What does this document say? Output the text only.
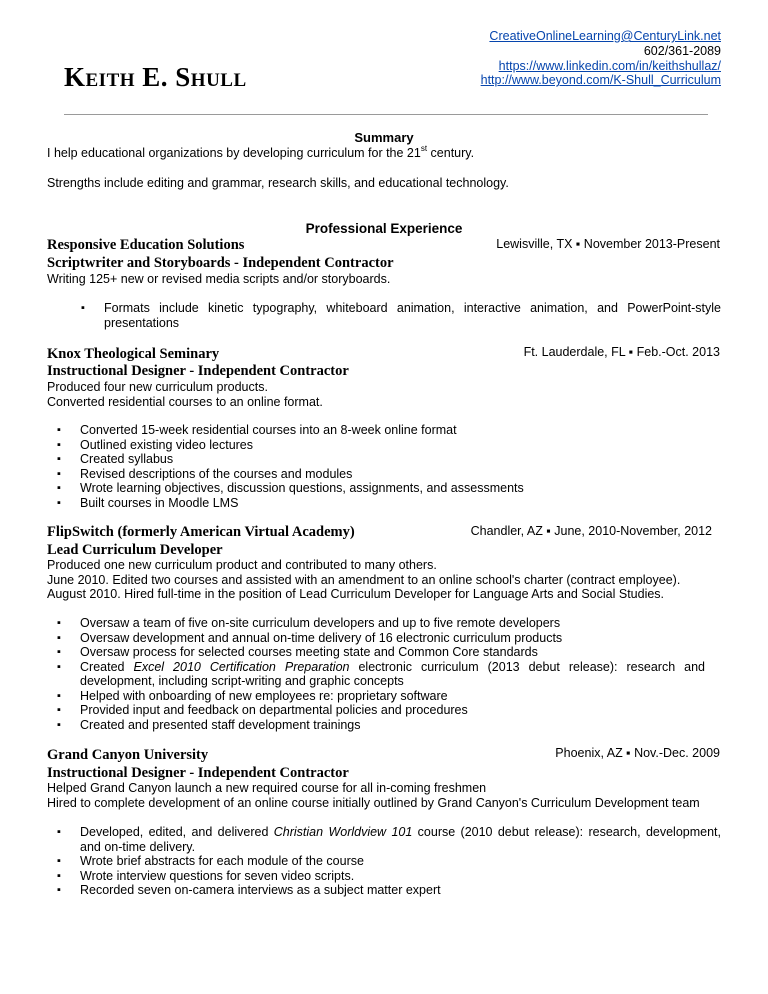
CreativeOnlineLearning@CenturyLink.net
602/361-2089
https://www.linkedin.com/in/keithshullaz/
http://www.beyond.com/K-Shull_Curriculum
Keith E. Shull
Summary
I help educational organizations by developing curriculum for the 21st century.
Strengths include editing and grammar, research skills, and educational technology.
Professional Experience
Responsive Education Solutions	Lewisville, TX ▪ November 2013-Present
Scriptwriter and Storyboards - Independent Contractor
Writing 125+ new or revised media scripts and/or storyboards.
▪ Formats include kinetic typography, whiteboard animation, interactive animation, and PowerPoint-style presentations
Knox Theological Seminary	Ft. Lauderdale, FL ▪ Feb.-Oct. 2013
Instructional Designer - Independent Contractor
Produced four new curriculum products.
Converted residential courses to an online format.
▪ Converted 15-week residential courses into an 8-week online format
▪ Outlined existing video lectures
▪ Created syllabus
▪ Revised descriptions of the courses and modules
▪ Wrote learning objectives, discussion questions, assignments, and assessments
▪ Built courses in Moodle LMS
FlipSwitch (formerly American Virtual Academy)	Chandler, AZ ▪ June, 2010-November, 2012
Lead Curriculum Developer
Produced one new curriculum product and contributed to many others.
June 2010. Edited two courses and assisted with an amendment to an online school's charter (contract employee).
August 2010. Hired full-time in the position of Lead Curriculum Developer for Language Arts and Social Studies.
▪ Oversaw a team of five on-site curriculum developers and up to five remote developers
▪ Oversaw development and annual on-time delivery of 16 electronic curriculum products
▪ Oversaw process for selected courses meeting state and Common Core standards
▪ Created Excel 2010 Certification Preparation electronic curriculum (2013 debut release): research and development, including script-writing and graphic concepts
▪ Helped with onboarding of new employees re: proprietary software
▪ Provided input and feedback on departmental policies and procedures
▪ Created and presented staff development trainings
Grand Canyon University	Phoenix, AZ ▪ Nov.-Dec. 2009
Instructional Designer - Independent Contractor
Helped Grand Canyon launch a new required course for all in-coming freshmen
Hired to complete development of an online course initially outlined by Grand Canyon's Curriculum Development team
▪ Developed, edited, and delivered Christian Worldview 101 course (2010 debut release): research, development, and on-time delivery.
▪ Wrote brief abstracts for each module of the course
▪ Wrote interview questions for seven video scripts.
▪ Recorded seven on-camera interviews as a subject matter expert
